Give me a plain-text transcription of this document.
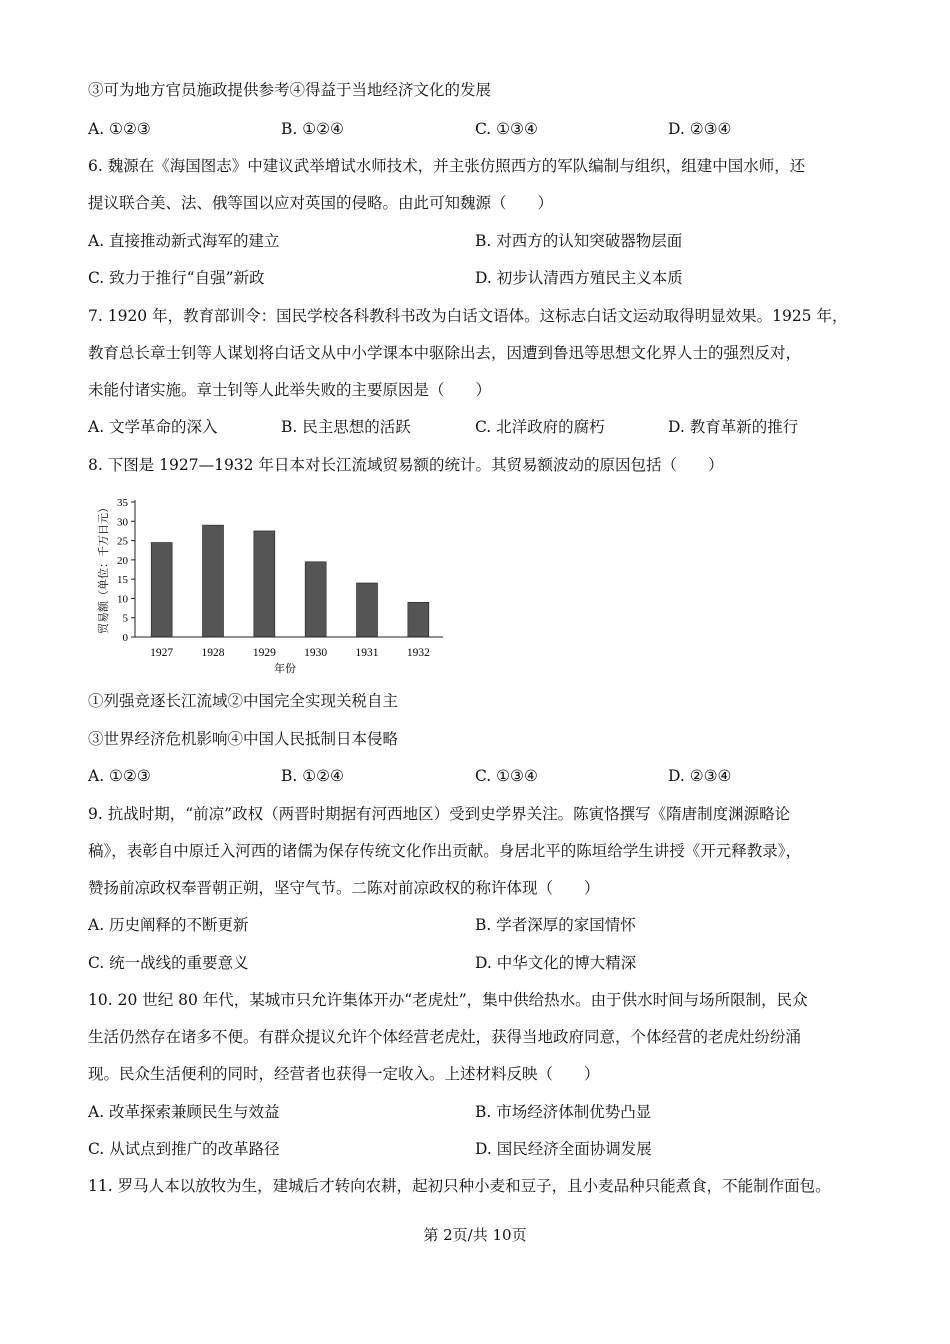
③可为地方官员施政提供参考④得益于当地经济文化的发展
A. ①②③	B. ①②④	C. ①③④	D. ②③④
6. 魏源在《海国图志》中建议武举增试水师技术，并主张仿照西方的军队编制与组织，组建中国水师，还
提议联合美、法、俄等国以应对英国的侵略。由此可知魏源（　　）
A. 直接推动新式海军的建立	B. 对西方的认知突破器物层面
C. 致力于推行“自强”新政	D. 初步认清西方殖民主义本质
7. 1920 年，教育部训令：国民学校各科教科书改为白话文语体。这标志白话文运动取得明显效果。1925 年，
教育总长章士钊等人谋划将白话文从中小学课本中驱除出去，因遭到鲁迅等思想文化界人士的强烈反对，
未能付诸实施。章士钊等人此举失败的主要原因是（　　）
A. 文学革命的深入	B. 民主思想的活跃	C. 北洋政府的腐朽	D. 教育革新的推行
8. 下图是 1927—1932 年日本对长江流域贸易额的统计。其贸易额波动的原因包括（　　）
贸易额（单位：千万日元）
0
5
10
15
20
25
30
35
1927 1928 1929 1930 1931 1932
年份
①列强竞逐长江流域②中国完全实现关税自主
③世界经济危机影响④中国人民抵制日本侵略
A. ①②③	B. ①②④	C. ①③④	D. ②③④
9. 抗战时期，“前凉”政权（两晋时期据有河西地区）受到史学界关注。陈寅恪撰写《隋唐制度渊源略论
稿》，表彰自中原迁入河西的诸儒为保存传统文化作出贡献。身居北平的陈垣给学生讲授《开元释教录》，
赞扬前凉政权奉晋朝正朔，坚守气节。二陈对前凉政权的称许体现（　　）
A. 历史阐释的不断更新	B. 学者深厚的家国情怀
C. 统一战线的重要意义	D. 中华文化的博大精深
10. 20 世纪 80 年代，某城市只允许集体开办“老虎灶”，集中供给热水。由于供水时间与场所限制，民众
生活仍然存在诸多不便。有群众提议允许个体经营老虎灶，获得当地政府同意，个体经营的老虎灶纷纷涌
现。民众生活便利的同时，经营者也获得一定收入。上述材料反映（　　）
A. 改革探索兼顾民生与效益	B. 市场经济体制优势凸显
C. 从试点到推广的改革路径	D. 国民经济全面协调发展
11. 罗马人本以放牧为生，建城后才转向农耕，起初只种小麦和豆子，且小麦品种只能煮食，不能制作面包。
第 2页/共 10页
